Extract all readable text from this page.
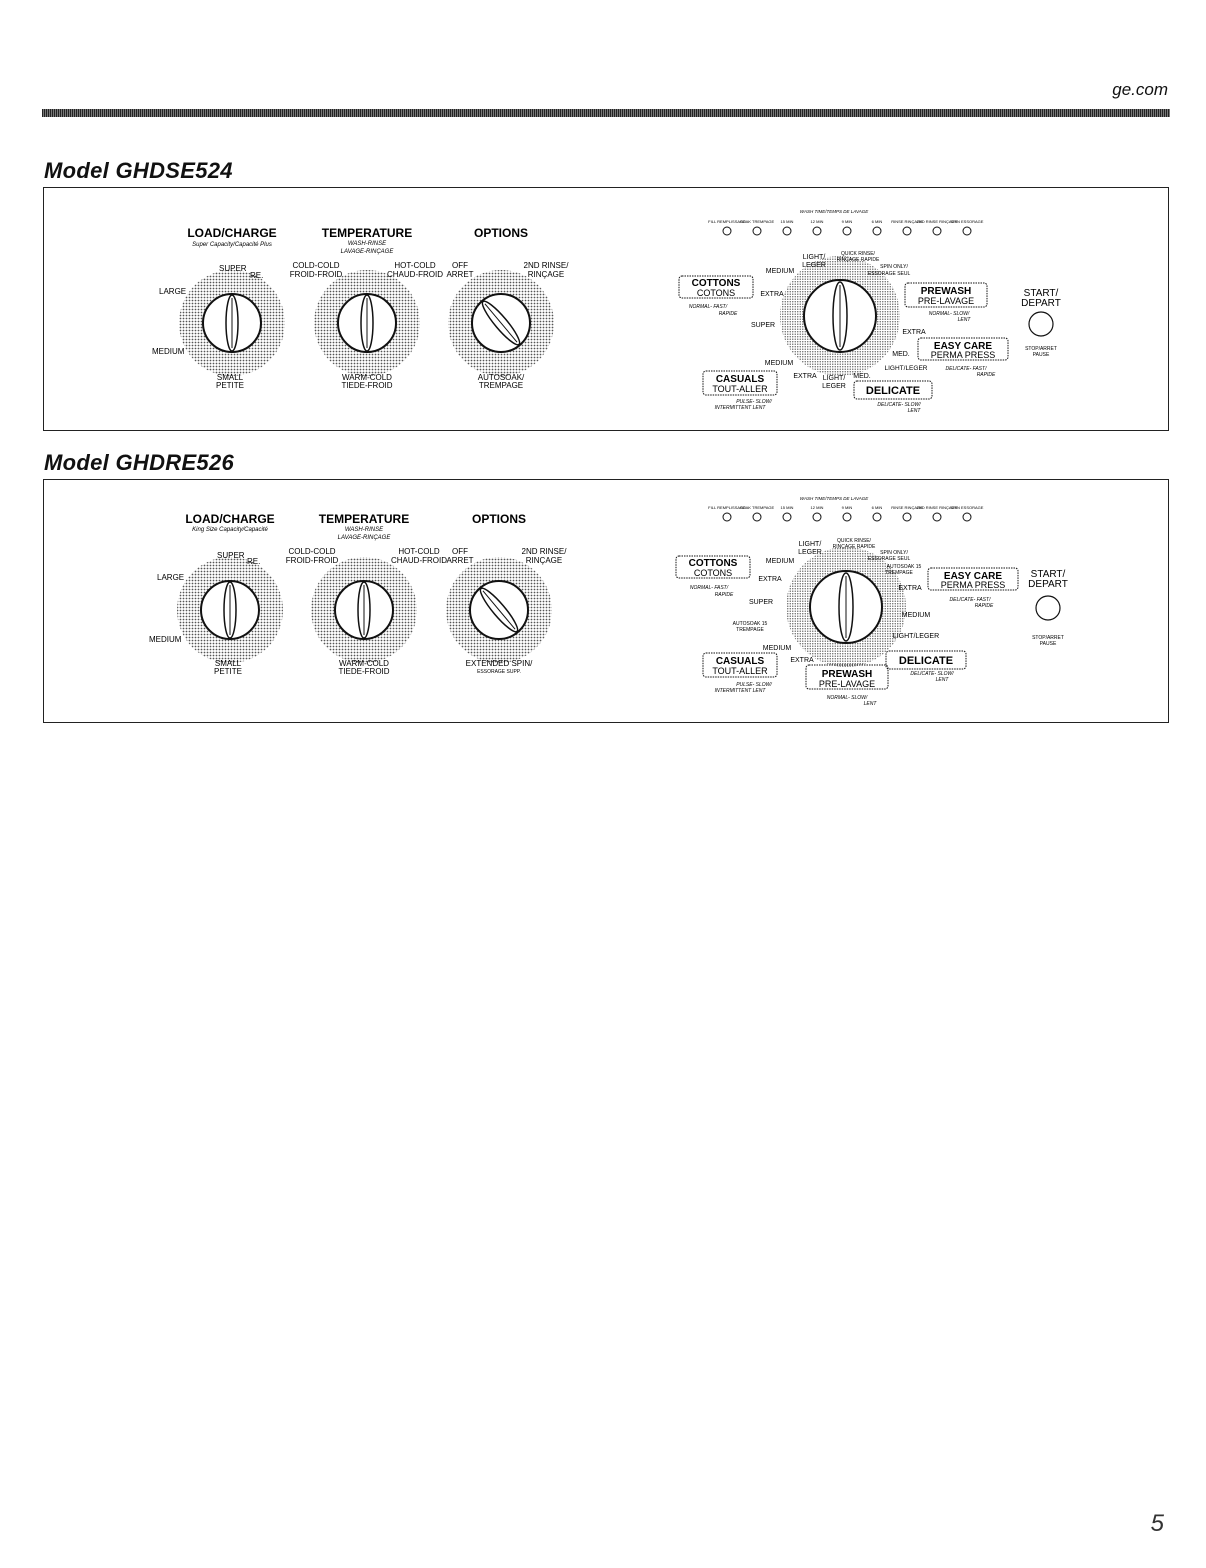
ge.com
Model GHDSE524
LOAD/CHARGE
Super Capacity/Capacité Plus
SUPER
RE.
LARGE
MEDIUM
SMALL
PETITE
TEMPERATURE
WASH-RINSE
LAVAGE-RINÇAGE
COLD-COLD
FROID-FROID
HOT-COLD
CHAUD-FROID
WARM-COLD
TIEDE-FROID
OPTIONS
OFF
ARRET
2ND RINSE/
RINÇAGE
AUTOSOAK/
TREMPAGE
WASH TIME/TEMPS DE LAVAGE
FILL REMPLISSAGE
SOAK TREMPAGE 15 MIN	12 MIN	9 MIN	6 MIN RINSE RINÇAGE
2ND RINSE RINÇAGE
SPIN ESSORAGE
COTTONS
COTONS
NORMAL- FAST/
RAPIDE
PREWASH
PRE-LAVAGE
NORMAL- SLOW/
LENT
EASY CARE
PERMA PRESS
DELICATE- FAST/
RAPIDE
CASUALS
TOUT-ALLER
PULSE- SLOW/
INTERMITTENT LENT
DELICATE
DELICATE- SLOW/
LENT
LIGHT/
LEGER
QUICK RINSE/
RINÇAGE RAPIDE
SPIN ONLY/
ESSORAGE SEUL
MEDIUM
EXTRA
SUPER
EXTRA
MED.
LIGHT/LEGER
MEDIUM
EXTRA LIGHT/
LEGER
MED.
START/
DEPART
STOP/ARRET
PAUSE
Model GHDRE526
LOAD/CHARGE
King Size Capacity/Capacité
SUPER
RE.
LARGE
MEDIUM
SMALL
PETITE
TEMPERATURE
WASH-RINSE
LAVAGE-RINÇAGE
COLD-COLD
FROID-FROID
HOT-COLD
CHAUD-FROID
WARM-COLD
TIEDE-FROID
OPTIONS
OFF
ARRET
2ND RINSE/
RINÇAGE
EXTENDED SPIN/
ESSORAGE SUPP.
WASH TIME/TEMPS DE LAVAGE
FILL REMPLISSAGE
SOAK TREMPAGE 15 MIN	12 MIN	9 MIN	6 MIN RINSE RINÇAGE
2ND RINSE RINÇAGE
SPIN ESSORAGE
COTTONS
COTONS
NORMAL- FAST/
RAPIDE
EASY CARE
PERMA PRESS
DELICATE- FAST/
RAPIDE
CASUALS
TOUT-ALLER
PULSE- SLOW/
INTERMITTENT LENT
PREWASH
PRE-LAVAGE
NORMAL- SLOW/
LENT
DELICATE
DELICATE- SLOW/
LENT
LIGHT/
LEGER
QUICK RINSE/
RINÇAGE RAPIDE
SPIN ONLY/
ESSORAGE SEUL
AUTOSOAK 15
TREMPAGE
MEDIUM
EXTRA
SUPER
EXTRA
MEDIUM
LIGHT/LEGER
AUTOSOAK 15
TREMPAGE
MEDIUM
EXTRA
START/
DEPART
STOP/ARRET
PAUSE
5
